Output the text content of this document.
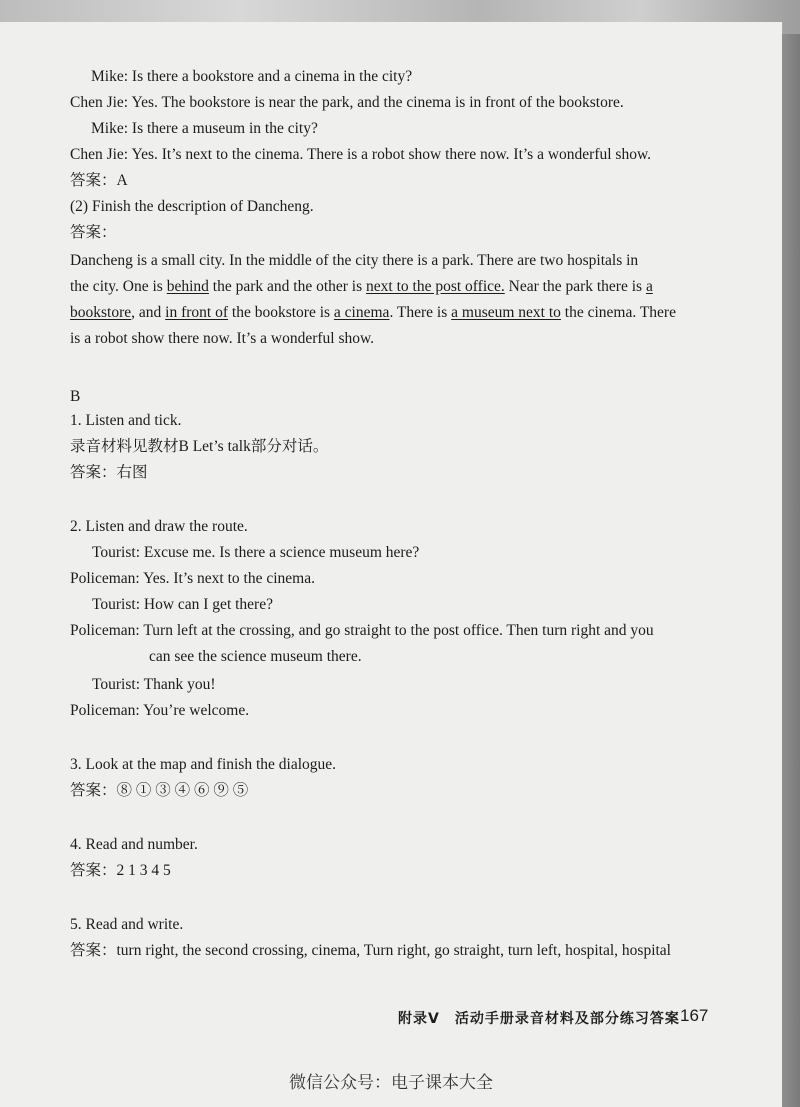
Mike: Is there a bookstore and a cinema in the city?
Chen Jie: Yes. The bookstore is near the park, and the cinema is in front of the bookstore.
Mike: Is there a museum in the city?
Chen Jie: Yes. It’s next to the cinema. There is a robot show there now. It’s a wonderful show.
答案：A
(2) Finish the description of Dancheng.
答案：
Dancheng is a small city. In the middle of the city there is a park. There are two hospitals in
the city. One is behind the park and the other is next to the post office. Near the park there is a
bookstore, and in front of the bookstore is a cinema. There is a museum next to the cinema. There
is a robot show there now. It’s a wonderful show.
B
1. Listen and tick.
录音材料见教材B Let’s talk部分对话。
答案：右图
2. Listen and draw the route.
Tourist: Excuse me. Is there a science museum here?
Policeman: Yes. It’s next to the cinema.
Tourist: How can I get there?
Policeman: Turn left at the crossing, and go straight to the post office. Then turn right and you
can see the science museum there.
Tourist: Thank you!
Policeman: You’re welcome.
3. Look at the map and finish the dialogue.
答案：⑧ ① ③ ④ ⑥ ⑨ ⑤
4. Read and number.
答案：2 1 3 4 5
5. Read and write.
答案：turn right, the second crossing, cinema, Turn right, go straight, turn left, hospital, hospital
附录V　活动手册录音材料及部分练习答案 167
微信公众号：电子课本大全
